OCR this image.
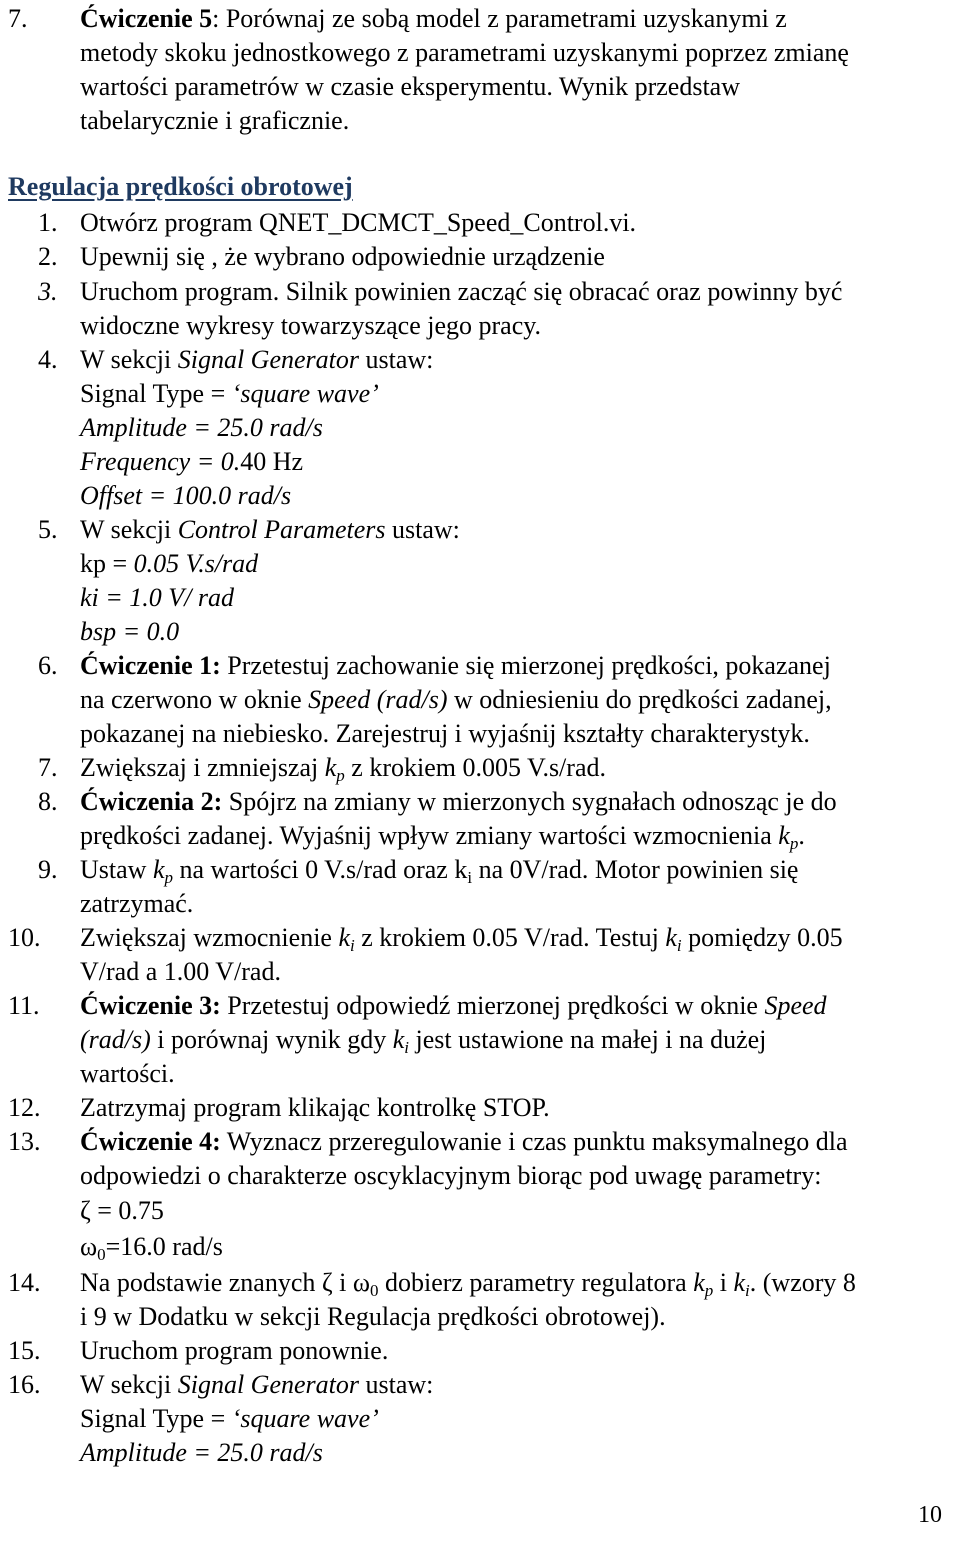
7. Ćwiczenie 5: Porównaj ze sobą model z parametrami uzyskanymi z
metody skoku jednostkowego z parametrami uzyskanymi poprzez zmianę
wartości parametrów w czasie eksperymentu. Wynik przedstaw
tabelarycznie i graficznie.
Regulacja prędkości obrotowej
1. Otwórz program QNET_DCMCT_Speed_Control.vi.
2. Upewnij się , że wybrano odpowiednie urządzenie
3. Uruchom program. Silnik powinien zacząć się obracać oraz powinny być
widoczne wykresy towarzyszące jego pracy.
4. W sekcji Signal Generator ustaw:
Signal Type = ‘square wave’
Amplitude = 25.0 rad/s
Frequency = 0.40 Hz
Offset = 100.0 rad/s
5. W sekcji Control Parameters ustaw:
kp = 0.05 V.s/rad
ki = 1.0 V/ rad
bsp = 0.0
6. Ćwiczenie 1: Przetestuj zachowanie się mierzonej prędkości, pokazanej
na czerwono w oknie Speed (rad/s) w odniesieniu do prędkości zadanej,
pokazanej na niebiesko. Zarejestruj i wyjaśnij kształty charakterystyk.
7. Zwiększaj i zmniejszaj $k_p$ z krokiem 0.005 V.s/rad.
8. Ćwiczenia 2: Spójrz na zmiany w mierzonych sygnałach odnosząc je do
prędkości zadanej. Wyjaśnij wpływ zmiany wartości wzmocnienia $k_p$.
9. Ustaw $k_p$ na wartości 0 V.s/rad oraz $k_i$ na 0V/rad. Motor powinien się
zatrzymać.
10. Zwiększaj wzmocnienie $k_i$ z krokiem 0.05 V/rad. Testuj $k_i$ pomiędzy 0.05
V/rad a 1.00 V/rad.
11. Ćwiczenie 3: Przetestuj odpowiedź mierzonej prędkości w oknie Speed
(rad/s) i porównaj wynik gdy $k_i$ jest ustawione na małej i na dużej
wartości.
12. Zatrzymaj program klikając kontrolkę STOP.
13. Ćwiczenie 4: Wyznacz przeregulowanie i czas punktu maksymalnego dla
odpowiedzi o charakterze oscyklacyjnym biorąc pod uwagę parametry:
ζ = 0.75
$\omega_0=16.0$ rad/s
14. Na podstawie znanych ζ i $\omega_0$ dobierz parametry regulatora $k_p$ i $k_i$. (wzory 8
i 9 w Dodatku w sekcji Regulacja prędkości obrotowej).
15. Uruchom program ponownie.
16. W sekcji Signal Generator ustaw:
Signal Type = ‘square wave’
Amplitude = 25.0 rad/s
10
